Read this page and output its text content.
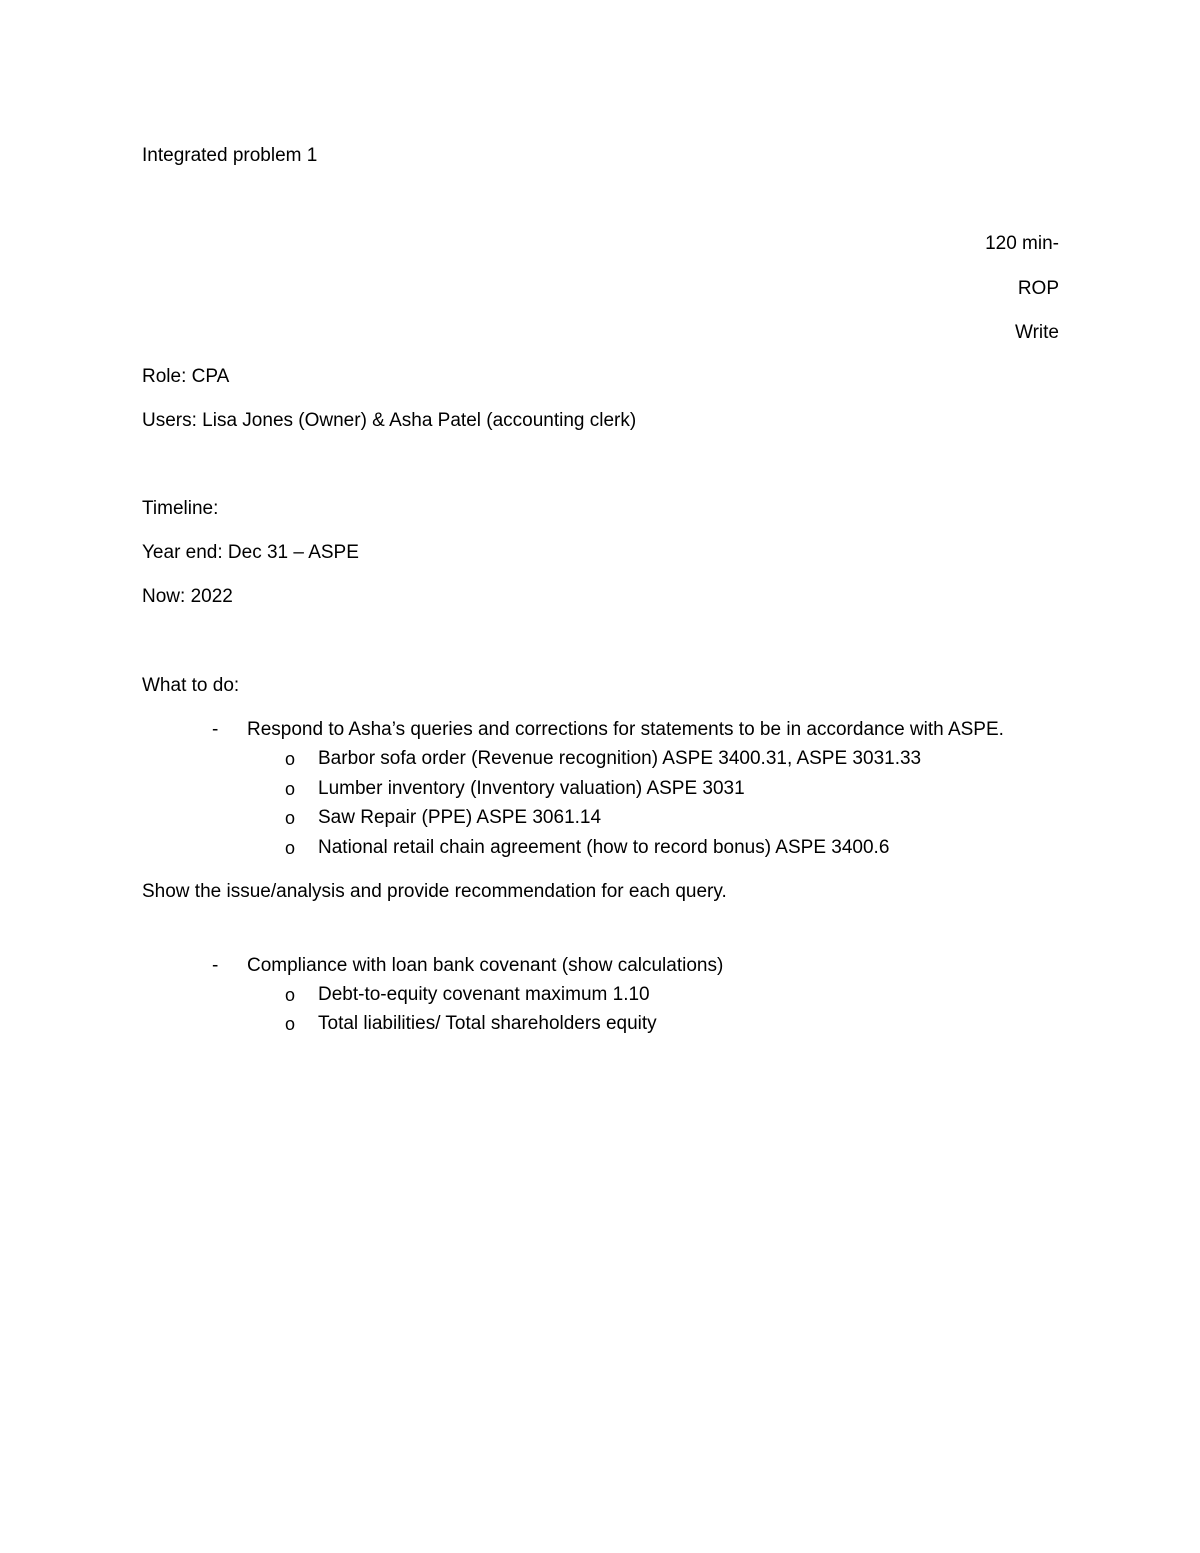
Integrated problem 1
120 min-
ROP
Write
Role: CPA
Users: Lisa Jones (Owner) & Asha Patel (accounting clerk)
Timeline:
Year end: Dec 31 – ASPE
Now: 2022
What to do:
- Respond to Asha’s queries and corrections for statements to be in accordance with ASPE.
o Barbor sofa order (Revenue recognition) ASPE 3400.31, ASPE 3031.33
o Lumber inventory (Inventory valuation) ASPE 3031
o Saw Repair (PPE) ASPE 3061.14
o National retail chain agreement (how to record bonus) ASPE 3400.6
Show the issue/analysis and provide recommendation for each query.
- Compliance with loan bank covenant (show calculations)
o Debt-to-equity covenant maximum 1.10
o Total liabilities/ Total shareholders equity
